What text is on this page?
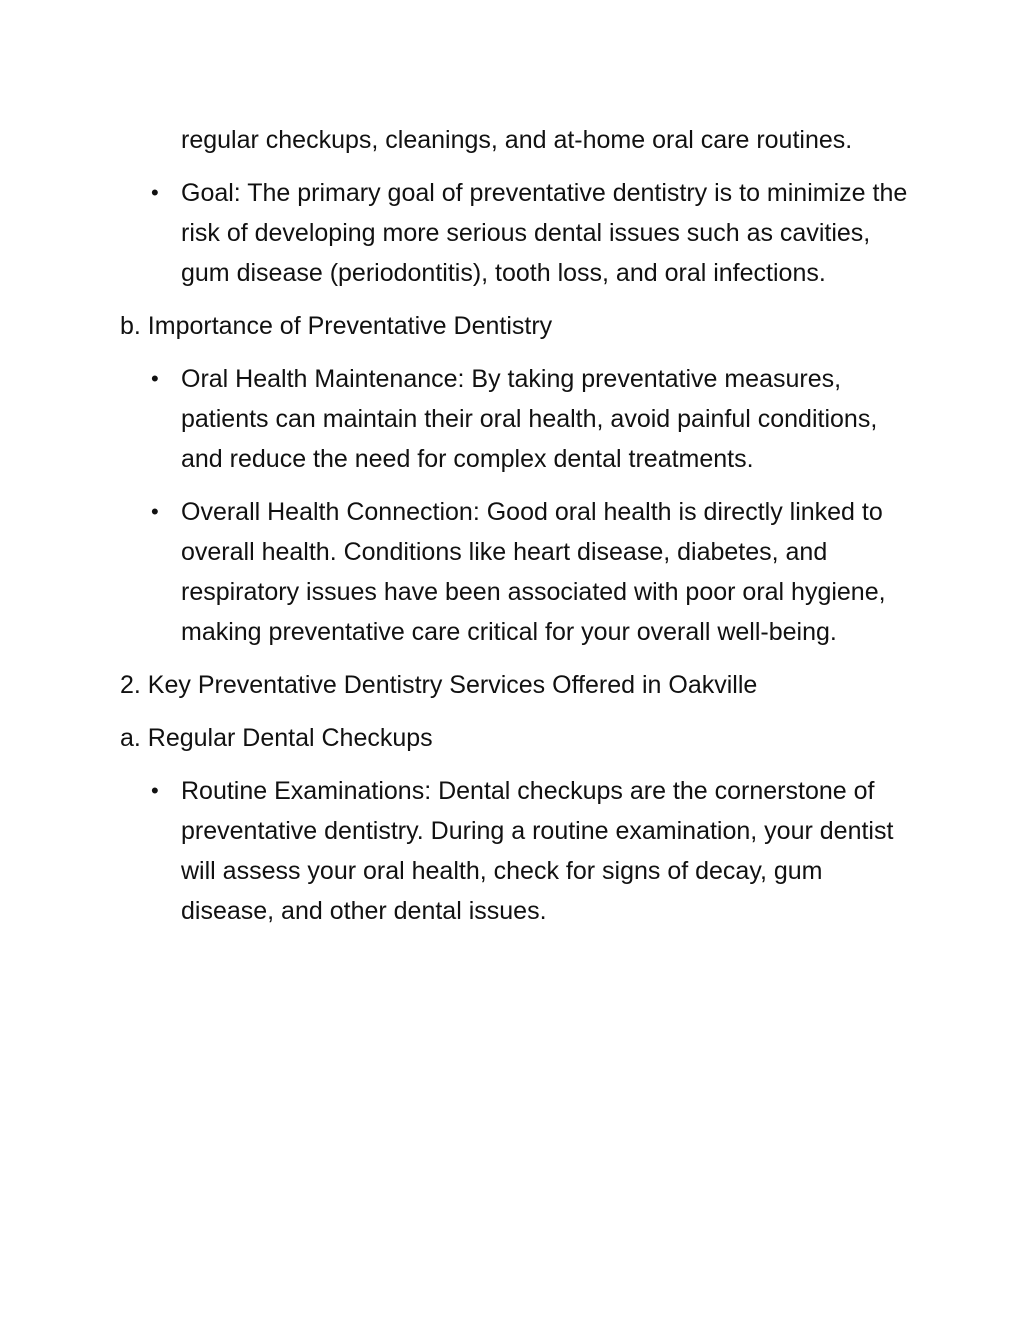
regular checkups, cleanings, and at-home oral care routines.

• Goal: The primary goal of preventative dentistry is to minimize the risk of developing more serious dental issues such as cavities, gum disease (periodontitis), tooth loss, and oral infections.

b. Importance of Preventative Dentistry

• Oral Health Maintenance: By taking preventative measures, patients can maintain their oral health, avoid painful conditions, and reduce the need for complex dental treatments.
• Overall Health Connection: Good oral health is directly linked to overall health. Conditions like heart disease, diabetes, and respiratory issues have been associated with poor oral hygiene, making preventative care critical for your overall well-being.

2. Key Preventative Dentistry Services Offered in Oakville

a. Regular Dental Checkups

• Routine Examinations: Dental checkups are the cornerstone of preventative dentistry. During a routine examination, your dentist will assess your oral health, check for signs of decay, gum disease, and other dental issues.
